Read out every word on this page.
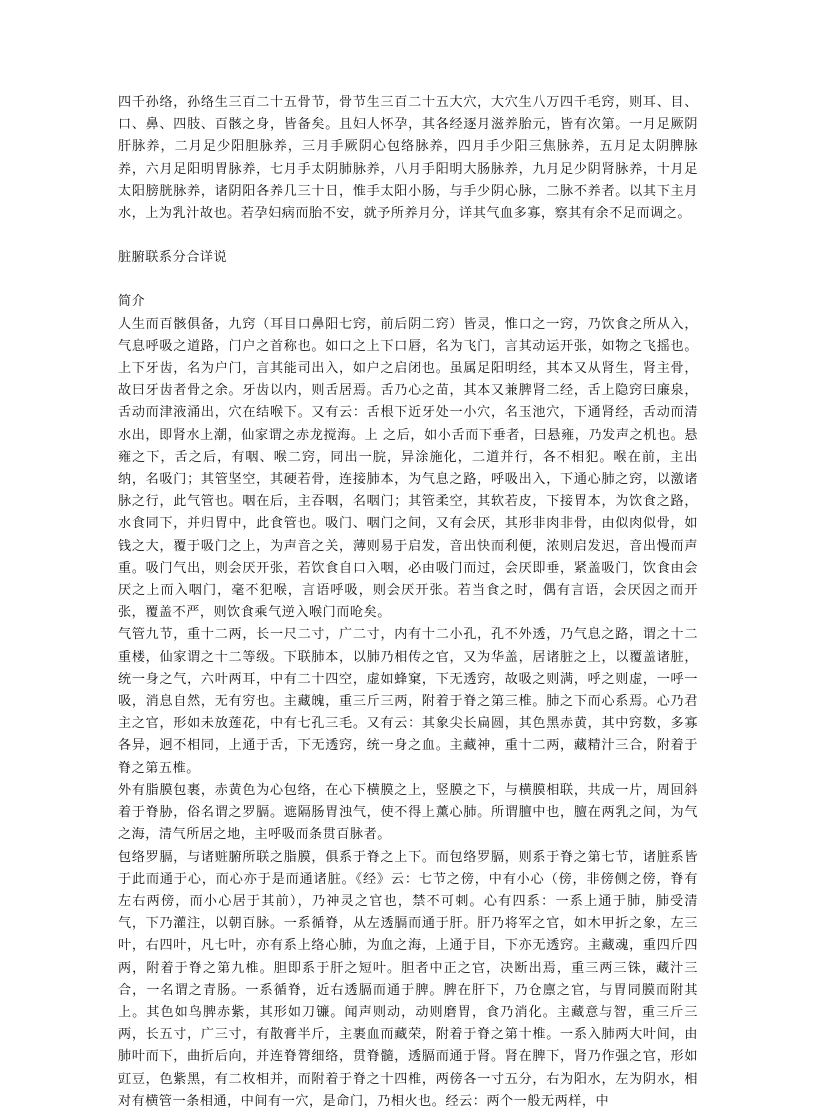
四千孙络，孙络生三百二十五骨节，骨节生三百二十五大穴，大穴生八万四千毛窍，则耳、目、口、鼻、四肢、百骸之身，皆备矣。且妇人怀孕，其各经逐月滋养胎元，皆有次第。一月足厥阴肝脉养，二月足少阳胆脉养，三月手厥阴心包络脉养，四月手少阳三焦脉养，五月足太阴脾脉养，六月足阳明胃脉养，七月手太阴肺脉养，八月手阳明大肠脉养，九月足少阴肾脉养，十月足太阳膀胱脉养，诸阴阳各养几三十日，惟手太阳小肠，与手少阴心脉，二脉不养者。以其下主月水，上为乳汁故也。若孕妇病而胎不安，就予所养月分，详其气血多寡，察其有余不足而调之。

脏腑联系分合详说

简介

人生而百骸俱备，九窍（耳目口鼻阳七窍，前后阴二窍）皆灵，惟口之一窍，乃饮食之所从入，气息呼吸之道路，门户之首称也。如口之上下口唇，名为飞门，言其动运开张，如物之飞摇也。上下牙齿，名为户门，言其能司出入，如户之启闭也。虽属足阳明经，其本又从肾生，肾主骨，故曰牙齿者骨之余。牙齿以内，则舌居焉。舌乃心之苗，其本又兼脾肾二经，舌上隐窍曰廉泉，舌动而津液涌出，穴在结喉下。又有云：舌根下近牙处一小穴，名玉池穴，下通肾经，舌动而清水出，即肾水上潮，仙家谓之赤龙搅海。上 之后，如小舌而下垂者，曰悬雍，乃发声之机也。悬雍之下，舌之后，有咽、喉二窍，同出一脘，异涂施化，二道并行，各不相犯。喉在前，主出纳，名吸门；其管坚空，其硬若骨，连接肺本，为气息之路，呼吸出入，下通心肺之窍，以激诸脉之行，此气管也。咽在后，主吞咽，名咽门；其管柔空，其软若皮，下接胃本，为饮食之路，水食同下，并归胃中，此食管也。吸门、咽门之间，又有会厌，其形非肉非骨，由似肉似骨，如钱之大，覆于吸门之上，为声音之关，薄则易于启发，音出快而利便，浓则启发迟，音出慢而声重。吸门气出，则会厌开张，若饮食自口入咽，必由吸门而过，会厌即垂，紧盖吸门，饮食由会厌之上而入咽门，毫不犯喉，言语呼吸，则会厌开张。若当食之时，偶有言语，会厌因之而开张，覆盖不严，则饮食乘气逆入喉门而呛矣。

气管九节，重十二两，长一尺二寸，广二寸，内有十二小孔，孔不外透，乃气息之路，谓之十二重楼，仙家谓之十二等级。下联肺本，以肺乃相传之官，又为华盖，居诸脏之上，以覆盖诸脏，统一身之气，六叶两耳，中有二十四空，虚如蜂窠，下无透窍，故吸之则满，呼之则虚，一呼一吸，消息自然，无有穷也。主藏魄，重三斤三两，附着于脊之第三椎。肺之下而心系焉。心乃君主之官，形如未放莲花，中有七孔三毛。又有云：其象尖长扁圆，其色黑赤黄，其中窍数，多寡各异，迥不相同，上通于舌，下无透窍，统一身之血。主藏神，重十二两，藏精汁三合，附着于脊之第五椎。

外有脂膜包裹，赤黄色为心包络，在心下横膜之上，竖膜之下，与横膜相联，共成一片，周回斜着于脊胁，俗名谓之罗膈。遮隔肠胃浊气，使不得上薰心肺。所谓膻中也，膻在两乳之间，为气之海，清气所居之地，主呼吸而条贯百脉者。

包络罗膈，与诸赃腑所联之脂膜，俱系于脊之上下。而包络罗膈，则系于脊之第七节，诸脏系皆于此而通于心，而心亦于是而通诸脏。《经》云：七节之傍，中有小心（傍，非傍侧之傍，脊有左右两傍，而小心居于其前），乃神灵之官也，禁不可刺。心有四系：一系上通于肺，肺受清气，下乃灌注，以朝百脉。一系循脊，从左透膈而通于肝。肝乃将军之官，如木甲折之象，左三叶，右四叶，凡七叶，亦有系上络心肺，为血之海，上通于目，下亦无透窍。主藏魂，重四斤四两，附着于脊之第九椎。胆即系于肝之短叶。胆者中正之官，决断出焉，重三两三铢，藏汁三合，一名谓之青肠。一系循脊，近右透膈而通于脾。脾在肝下，乃仓廪之官，与胃同膜而附其上。其色如鸟脾赤紫，其形如刀镰。闻声则动，动则磨胃，食乃消化。主藏意与智，重三斤三两，长五寸，广三寸，有散膏半斤，主裹血而藏荣，附着于脊之第十椎。一系入肺两大叶间，由肺叶而下，曲折后向，并连脊膂细络，贯脊髓，透膈而通于肾。肾在脾下，肾乃作强之官，形如豇豆，色紫黑，有二枚相并，而附着于脊之十四椎，两傍各一寸五分，右为阳水，左为阴水，相对有横管一条相通，中间有一穴，是命门，乃相火也。经云：两个一般无两样，中
